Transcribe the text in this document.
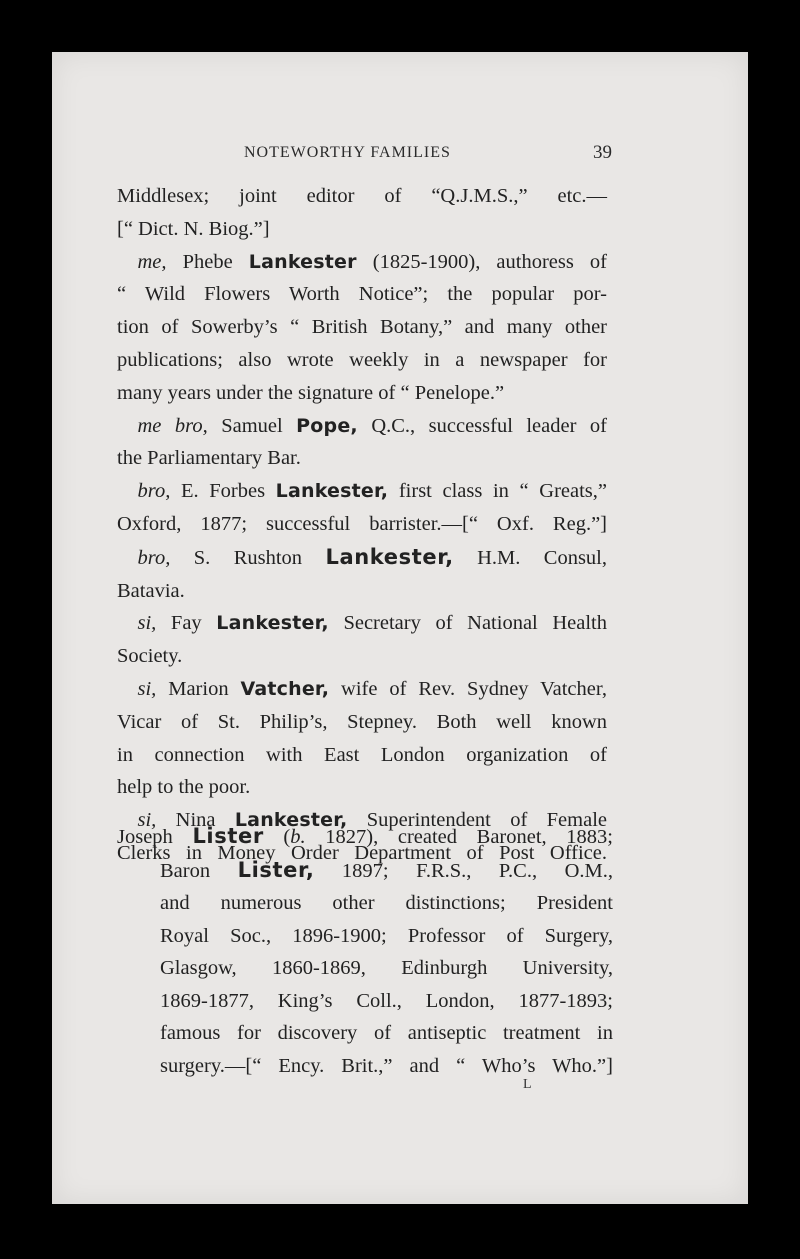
NOTEWORTHY FAMILIES	39
Middlesex; joint editor of “Q.J.M.S.,” etc.—
[“ Dict. N. Biog.”]
 me, Phebe Lankester (1825-1900), authoress of
“ Wild Flowers Worth Notice”; the popular por-
tion of Sowerby’s “ British Botany,” and many other
publications; also wrote weekly in a newspaper for
many years under the signature of “ Penelope.”
 me bro, Samuel Pope, Q.C., successful leader of
the Parliamentary Bar.
 bro, E. Forbes Lankester, first class in “ Greats,”
Oxford, 1877; successful barrister.—[“ Oxf. Reg.”]
 bro, S. Rushton Lankester, H.M. Consul,
Batavia.
 si, Fay Lankester, Secretary of National Health
Society.
 si, Marion Vatcher, wife of Rev. Sydney Vatcher,
Vicar of St. Philip’s, Stepney. Both well known
in connection with East London organization of
help to the poor.
 si, Nina Lankester, Superintendent of Female
Clerks in Money Order Department of Post Office.
Joseph Lister (b. 1827), created Baronet, 1883;
Baron Lister, 1897; F.R.S., P.C., O.M.,
and numerous other distinctions; President
Royal Soc., 1896-1900; Professor of Surgery,
Glasgow, 1860-1869, Edinburgh University,
1869-1877, King’s Coll., London, 1877-1893;
famous for discovery of antiseptic treatment in
surgery.—[“ Ency. Brit.,” and “ Who’s Who.”]
L
